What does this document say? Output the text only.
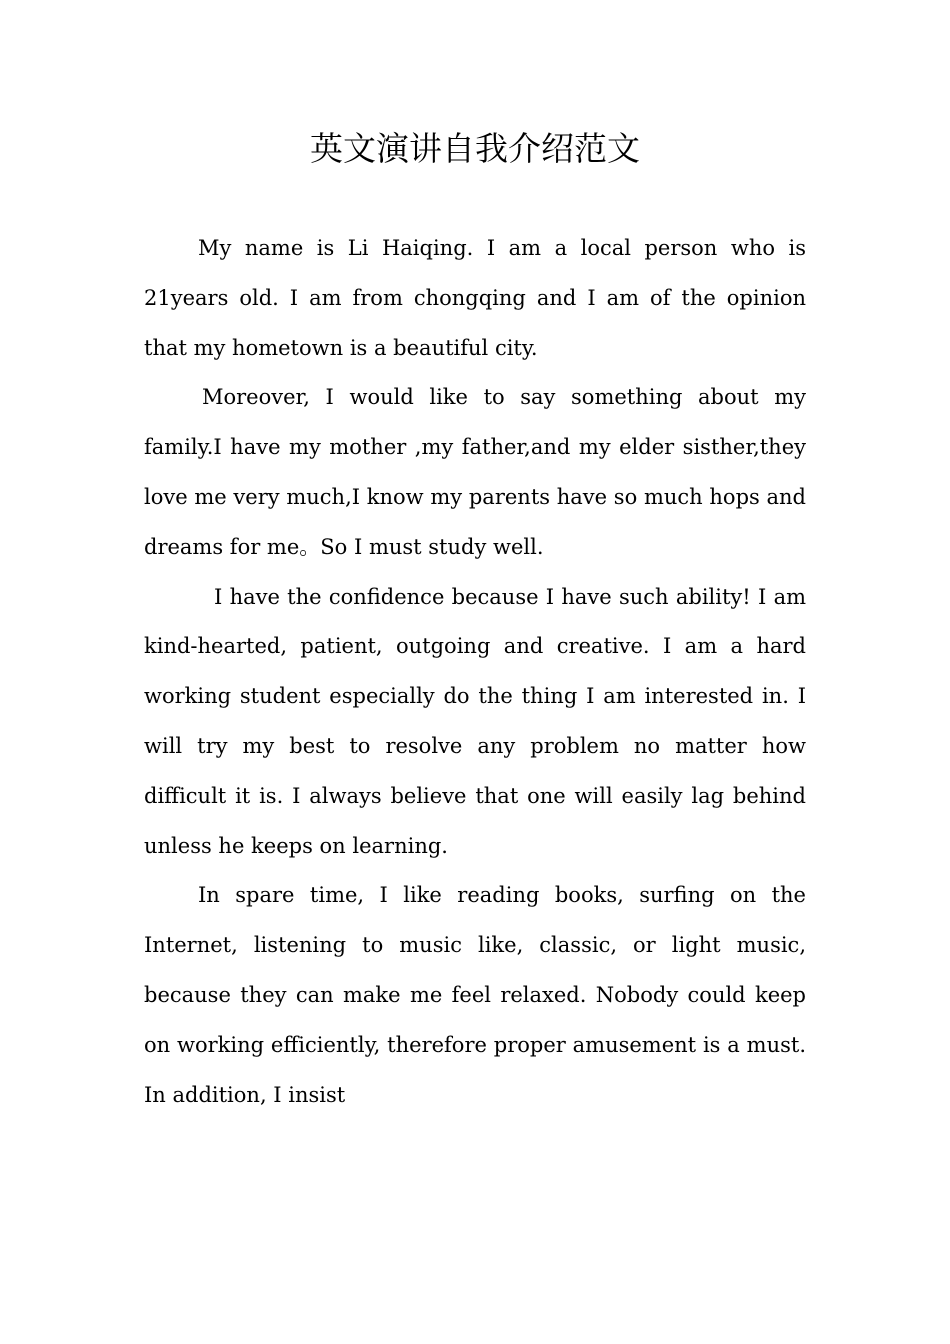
英文演讲自我介绍范文

My name is Li Haiqing. I am a local person who is 21years old. I am from chongqing and I am of the opinion that my hometown is a beautiful city.

Moreover, I would like to say something about my family.I have my mother ,my father,and my elder sisther,they love me very much,I know my parents have so much hops and dreams for me。So I must study well.

I have the confidence because I have such ability! I am kind-hearted, patient, outgoing and creative. I am a hard working student especially do the thing I am interested in. I will try my best to resolve any problem no matter how difficult it is. I always believe that one will easily lag behind unless he keeps on learning.

In spare time, I like reading books, surfing on the Internet, listening to music like, classic, or light music, because they can make me feel relaxed. Nobody could keep on working efficiently, therefore proper amusement is a must. In addition, I insist
